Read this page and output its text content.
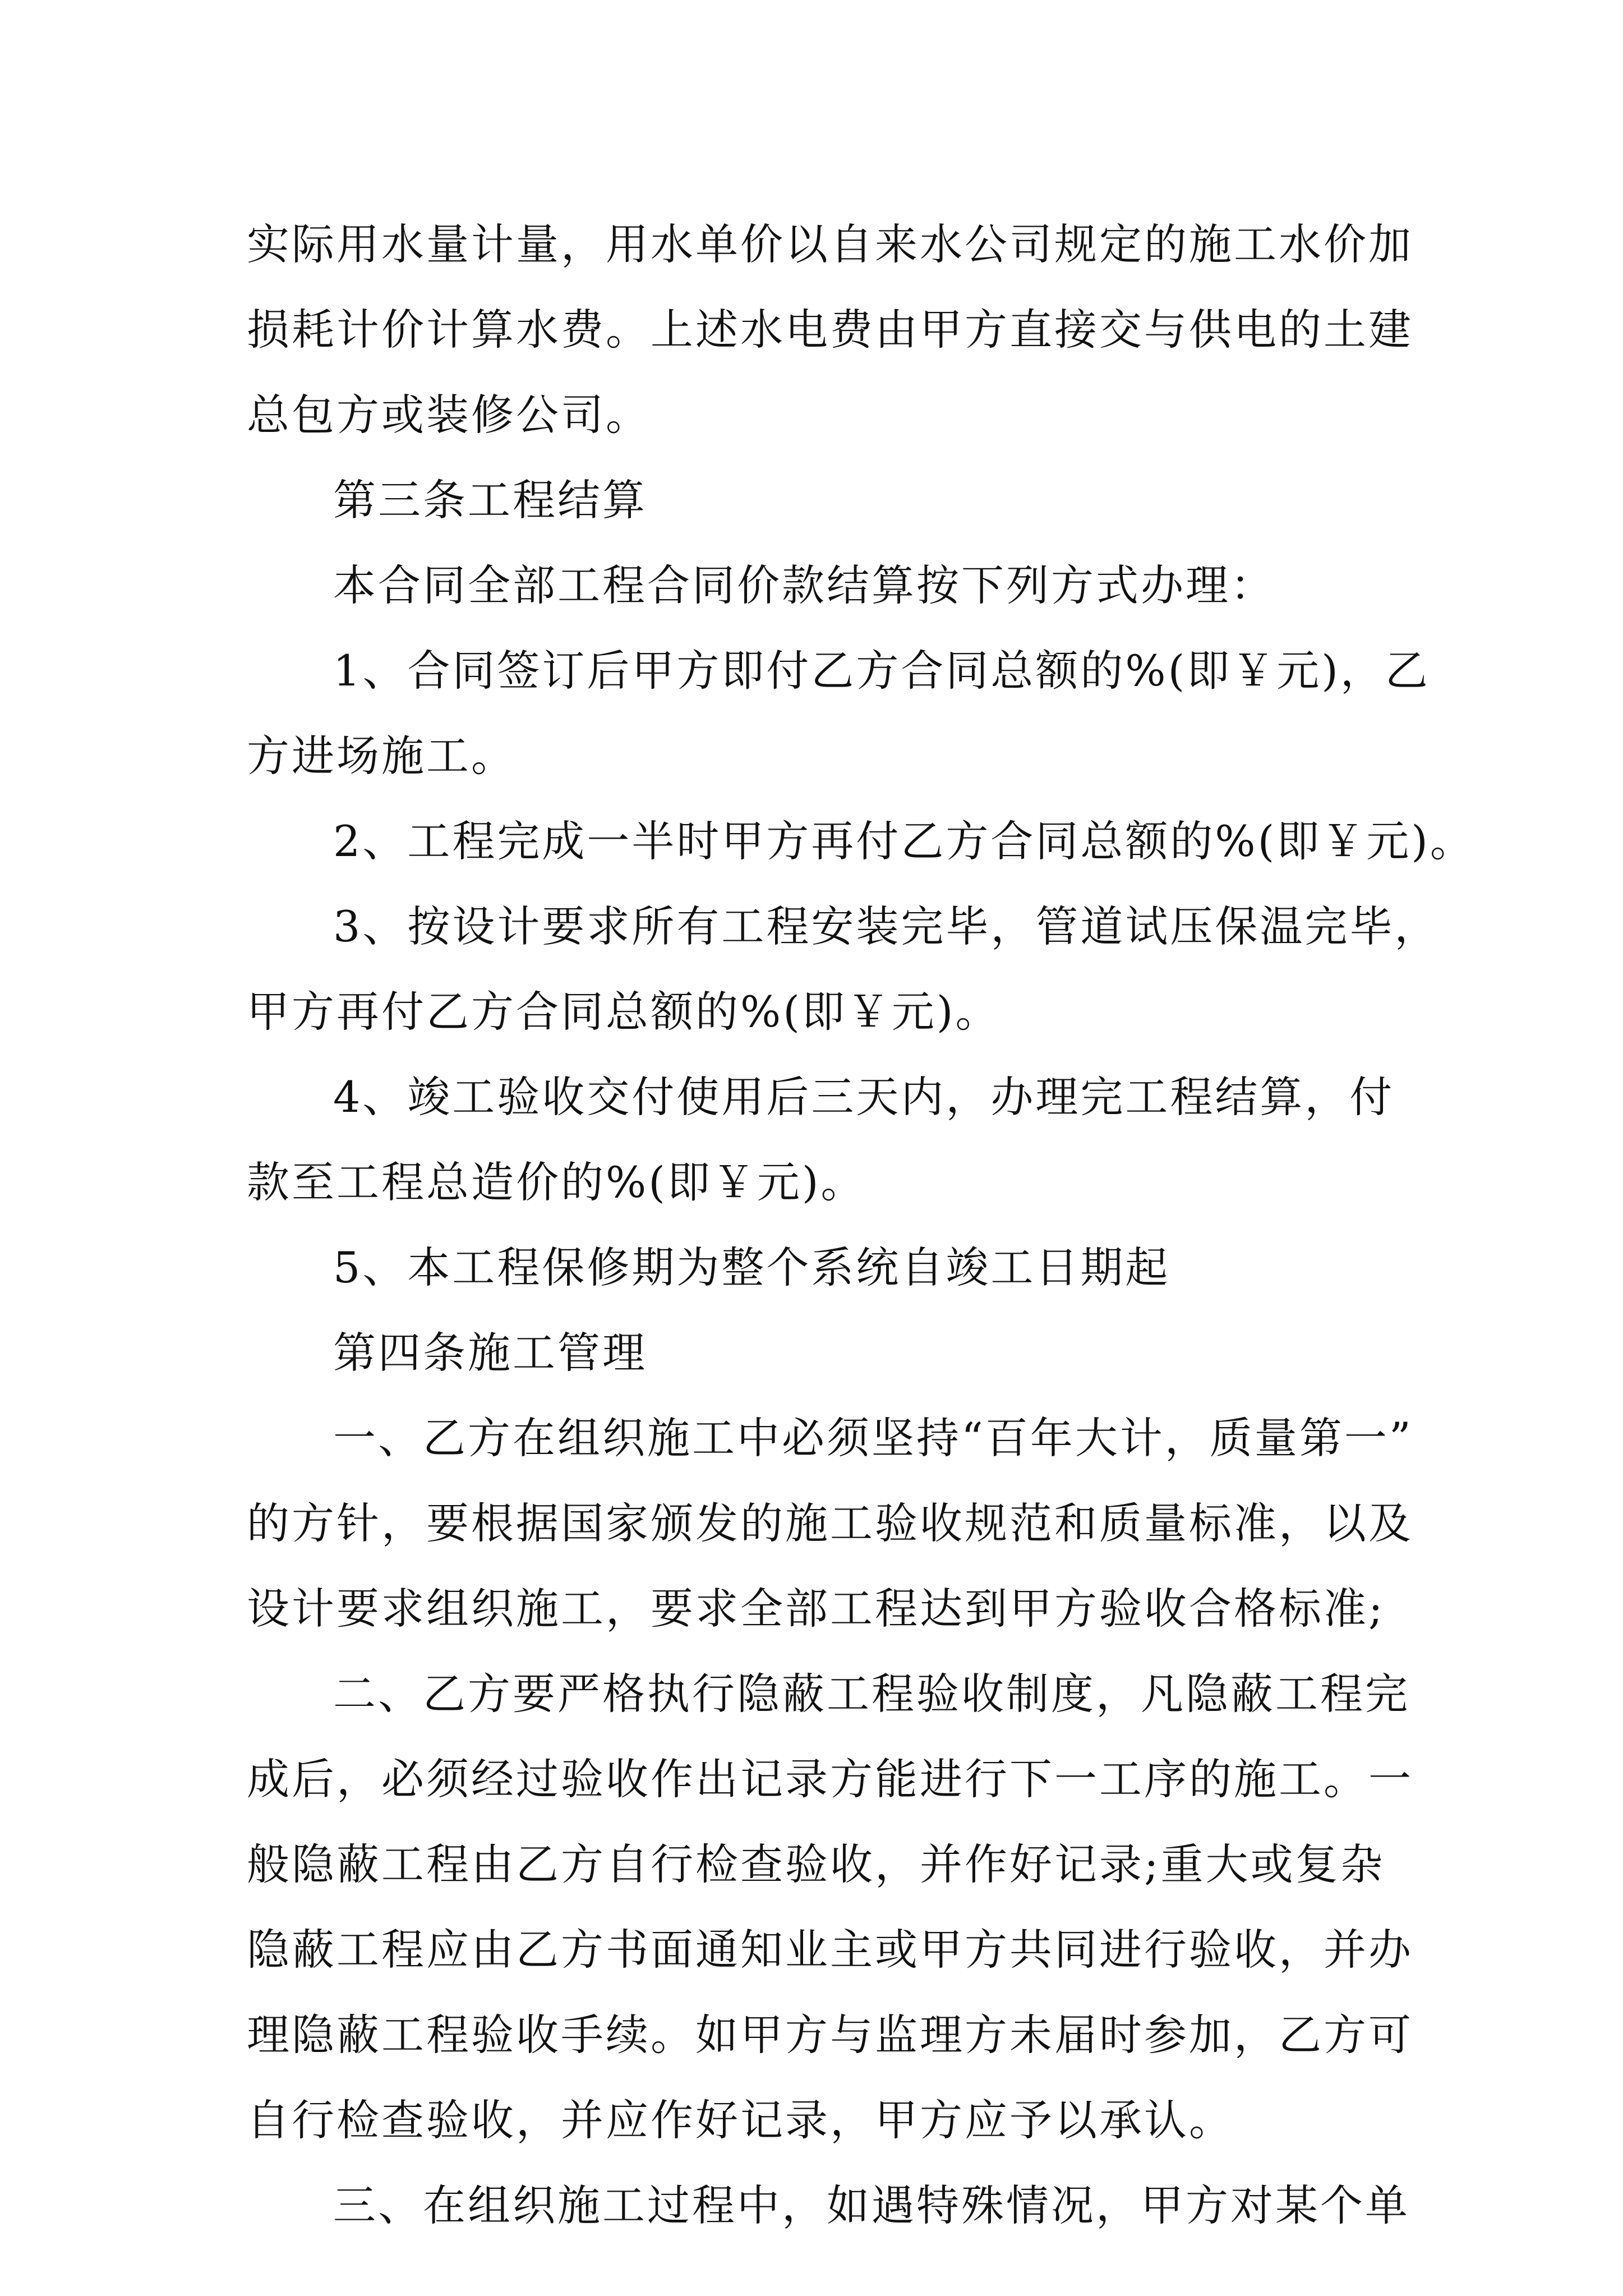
实际用水量计量，用水单价以自来水公司规定的施工水价加
损耗计价计算水费。上述水电费由甲方直接交与供电的土建
总包方或装修公司。
第三条工程结算
本合同全部工程合同价款结算按下列方式办理：
1、合同签订后甲方即付乙方合同总额的%(即￥元)，乙
方进场施工。
2、工程完成一半时甲方再付乙方合同总额的%(即￥元)。
3、按设计要求所有工程安装完毕，管道试压保温完毕，
甲方再付乙方合同总额的%(即￥元)。
4、竣工验收交付使用后三天内，办理完工程结算，付
款至工程总造价的%(即￥元)。
5、本工程保修期为整个系统自竣工日期起
第四条施工管理
一、乙方在组织施工中必须坚持“百年大计，质量第一”
的方针，要根据国家颁发的施工验收规范和质量标准，以及
设计要求组织施工，要求全部工程达到甲方验收合格标准;
二、乙方要严格执行隐蔽工程验收制度，凡隐蔽工程完
成后，必须经过验收作出记录方能进行下一工序的施工。一
般隐蔽工程由乙方自行检查验收，并作好记录;重大或复杂
隐蔽工程应由乙方书面通知业主或甲方共同进行验收，并办
理隐蔽工程验收手续。如甲方与监理方未届时参加，乙方可
自行检查验收，并应作好记录，甲方应予以承认。
三、在组织施工过程中，如遇特殊情况，甲方对某个单
